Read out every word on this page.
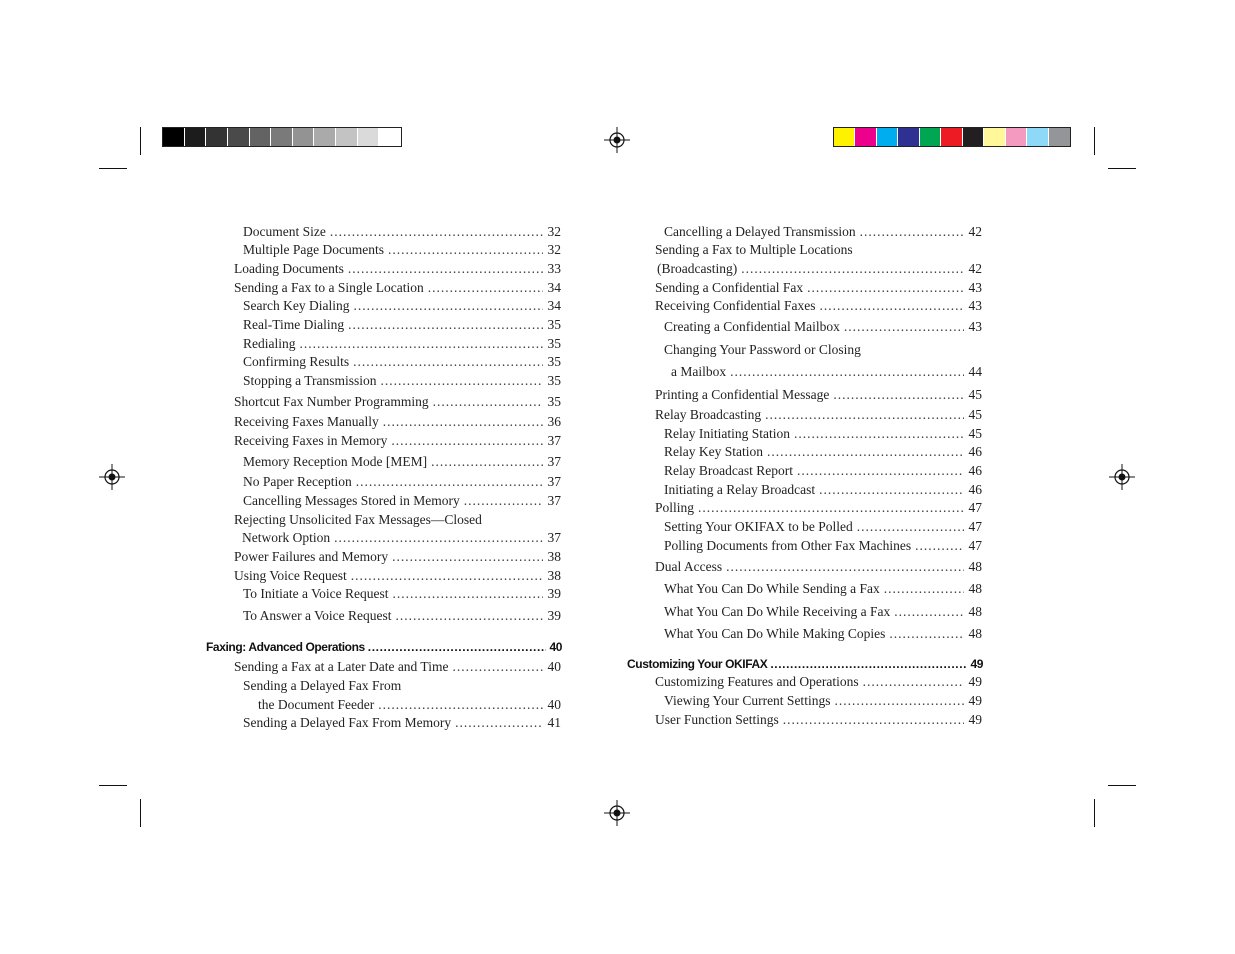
Document Size .....	32
Multiple Page Documents .....	32
Loading Documents .....	33
Sending a Fax to a Single Location .....	34
Search Key Dialing .....	34
Real-Time Dialing .....	35
Redialing .....	35
Confirming Results .....	35
Stopping a Transmission .....	35
Shortcut Fax Number Programming .....	35
Receiving Faxes Manually .....	36
Receiving Faxes in Memory .....	37
Memory Reception Mode [MEM] .....	37
No Paper Reception .....	37
Cancelling Messages Stored in Memory .....	37
Rejecting Unsolicited Fax Messages—Closed
Network Option .....	37
Power Failures and Memory .....	38
Using Voice Request .....	38
To Initiate a Voice Request .....	39
To Answer a Voice Request .....	39
Faxing: Advanced Operations .....	40
Sending a Fax at a Later Date and Time .....	40
Sending a Delayed Fax From
the Document Feeder .....	40
Sending a Delayed Fax From Memory .....	41
Cancelling a Delayed Transmission .....	42
Sending a Fax to Multiple Locations
(Broadcasting) .....	42
Sending a Confidential Fax .....	43
Receiving Confidential Faxes .....	43
Creating a Confidential Mailbox .....	43
Changing Your Password or Closing
a Mailbox .....	44
Printing a Confidential Message .....	45
Relay Broadcasting .....	45
Relay Initiating Station .....	45
Relay Key Station .....	46
Relay Broadcast Report .....	46
Initiating a Relay Broadcast .....	46
Polling .....	47
Setting Your OKIFAX to be Polled .....	47
Polling Documents from Other Fax Machines .....	47
Dual Access .....	48
What You Can Do While Sending a Fax .....	48
What You Can Do While Receiving a Fax .....	48
What You Can Do While Making Copies .....	48
Customizing Your OKIFAX .....	49
Customizing Features and Operations .....	49
Viewing Your Current Settings .....	49
User Function Settings .....	49
